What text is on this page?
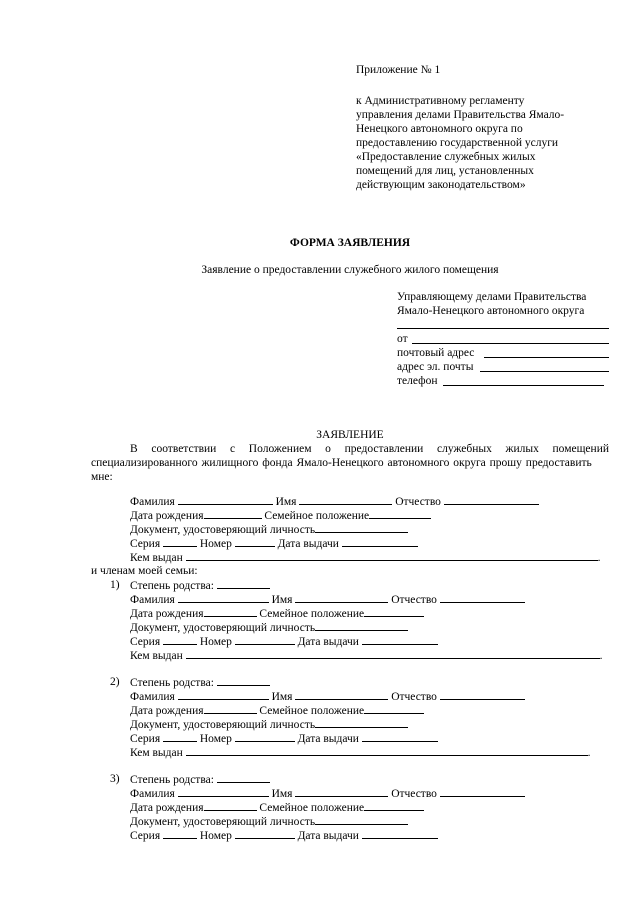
Приложение № 1
к Административному регламенту
управления делами Правительства Ямало-
Ненецкого автономного округа по
предоставлению государственной услуги
«Предоставление служебных жилых
помещений для лиц, установленных
действующим законодательством»
ФОРМА ЗАЯВЛЕНИЯ
Заявление о предоставлении служебного жилого помещения
Управляющему делами Правительства
Ямало-Ненецкого автономного округа
от
почтовый адрес
адрес эл. почты
телефон
ЗАЯВЛЕНИЕ
В соответствии с Положением о предоставлении служебных жилых помещений
специализированного жилищного фонда Ямало-Ненецкого автономного округа прошу предоставить
мне:
Фамилия	Имя	Отчество
Дата рождения	Семейное положение
Документ, удостоверяющий личность
Серия	Номер	Дата выдачи
Кем выдан	.
и членам моей семьи:
1) Степень родства:
Фамилия	Имя	Отчество
Дата рождения	Семейное положение
Документ, удостоверяющий личность
Серия	Номер	Дата выдачи
Кем выдан	.
2) Степень родства:
Фамилия	Имя	Отчество
Дата рождения	Семейное положение
Документ, удостоверяющий личность
Серия	Номер	Дата выдачи
Кем выдан	.
3) Степень родства:
Фамилия	Имя	Отчество
Дата рождения	Семейное положение
Документ, удостоверяющий личность
Серия	Номер	Дата выдачи
